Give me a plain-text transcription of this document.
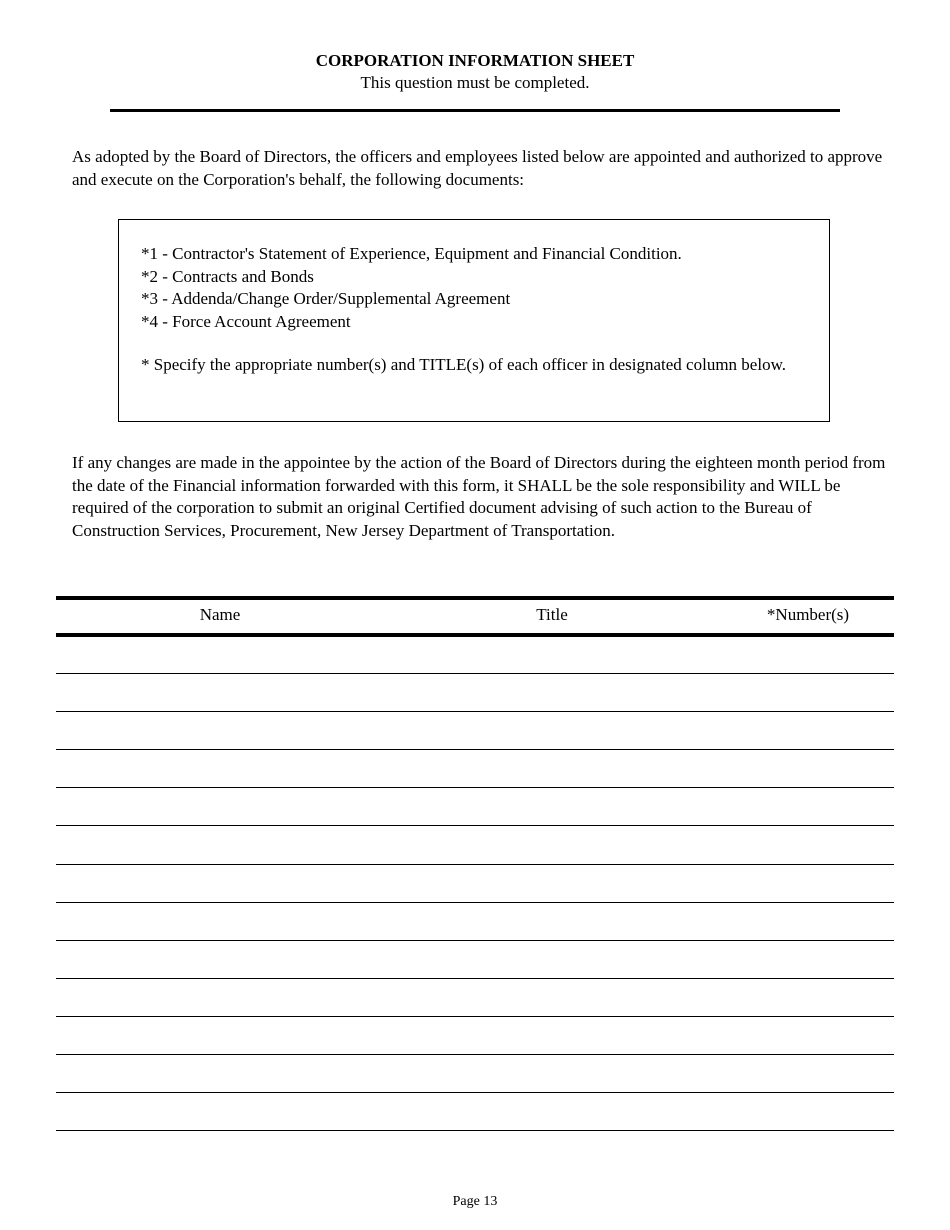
CORPORATION INFORMATION SHEET
This question must be completed.
As adopted by the Board of Directors, the officers and employees listed below are appointed and authorized to approve and execute on the Corporation's behalf, the following documents:
*1 - Contractor's Statement of Experience, Equipment and Financial Condition.
*2 - Contracts and Bonds
*3 - Addenda/Change Order/Supplemental Agreement
*4 - Force Account Agreement
* Specify the appropriate number(s) and TITLE(s) of each officer in designated column below.
If any changes are made in the appointee by the action of the Board of Directors during the eighteen month period from the date of the Financial information forwarded with this form, it SHALL be the sole responsibility and WILL be required of the corporation to submit an original Certified document advising of such action to the Bureau of Construction Services, Procurement, New Jersey Department of Transportation.
Name	Title	*Number(s)
Page 13
